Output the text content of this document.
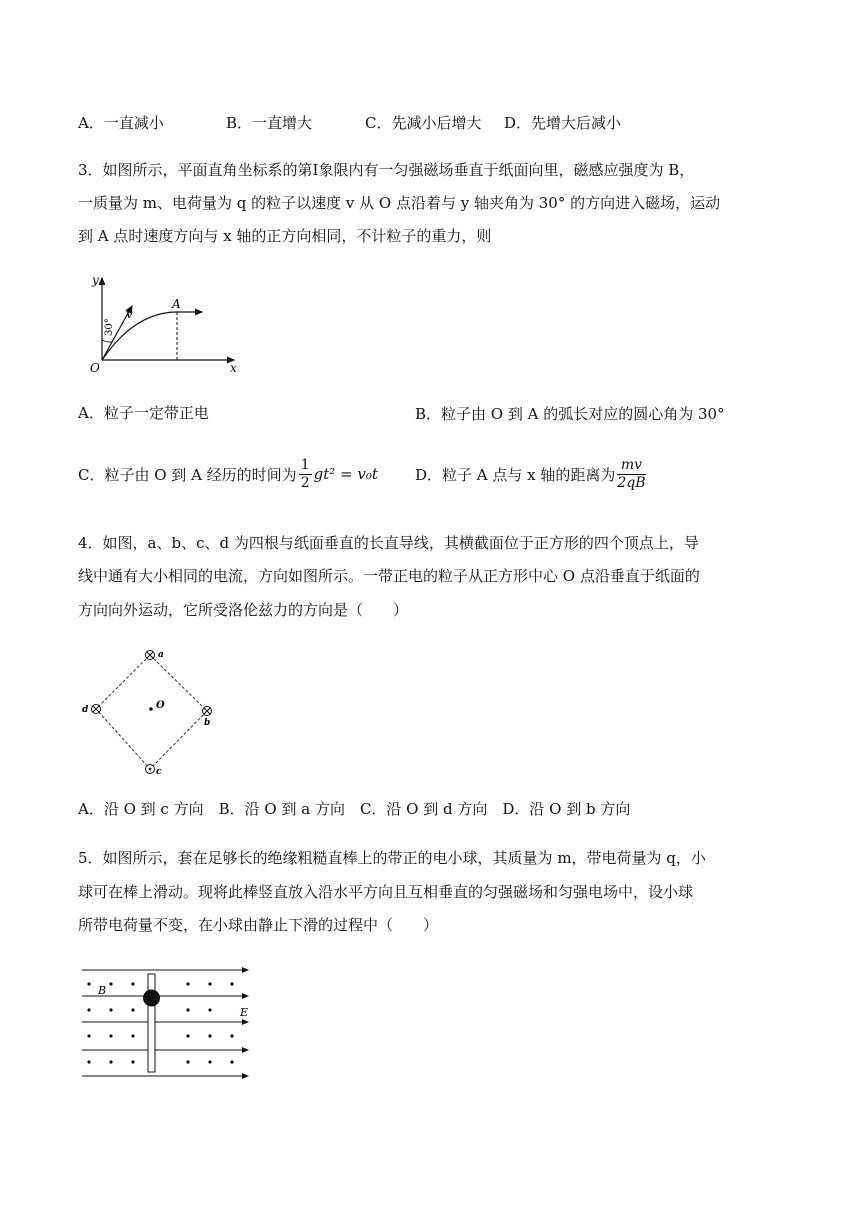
A．一直减小	B．一直增大	C．先减小后增大 D．先增大后减小
3．如图所示，平面直角坐标系的第Ⅰ象限内有一匀强磁场垂直于纸面向里，磁感应强度为 B，
一质量为 m、电荷量为 q 的粒子以速度 v 从 O 点沿着与 y 轴夹角为 30° 的方向进入磁场，运动
到 A 点时速度方向与 x 轴的正方向相同，不计粒子的重力，则
y
x
O
A
v
30°
A．粒子一定带正电	B．粒子由 O 到 A 的弧长对应的圆心角为 30°
C．粒子由 O 到 A 经历的时间为 $\frac{1}{2} gt^2 = v_0t$ D．粒子 A 点与 x 轴的距离为 $\frac{mv}{2qB}$
4．如图，a、b、c、d 为四根与纸面垂直的长直导线，其横截面位于正方形的四个顶点上，导
线中通有大小相同的电流，方向如图所示。一带正电的粒子从正方形中心 O 点沿垂直于纸面的
方向向外运动，它所受洛伦兹力的方向是（　　）
a
b
c
d	O
A．沿 O 到 c 方向　B．沿 O 到 a 方向　C．沿 O 到 d 方向　D．沿 O 到 b 方向
5．如图所示，套在足够长的绝缘粗糙直棒上的带正的电小球，其质量为 m，带电荷量为 q，小
球可在棒上滑动。现将此棒竖直放入沿水平方向且互相垂直的匀强磁场和匀强电场中，设小球
所带电荷量不变，在小球由静止下滑的过程中（　　）
B
E
